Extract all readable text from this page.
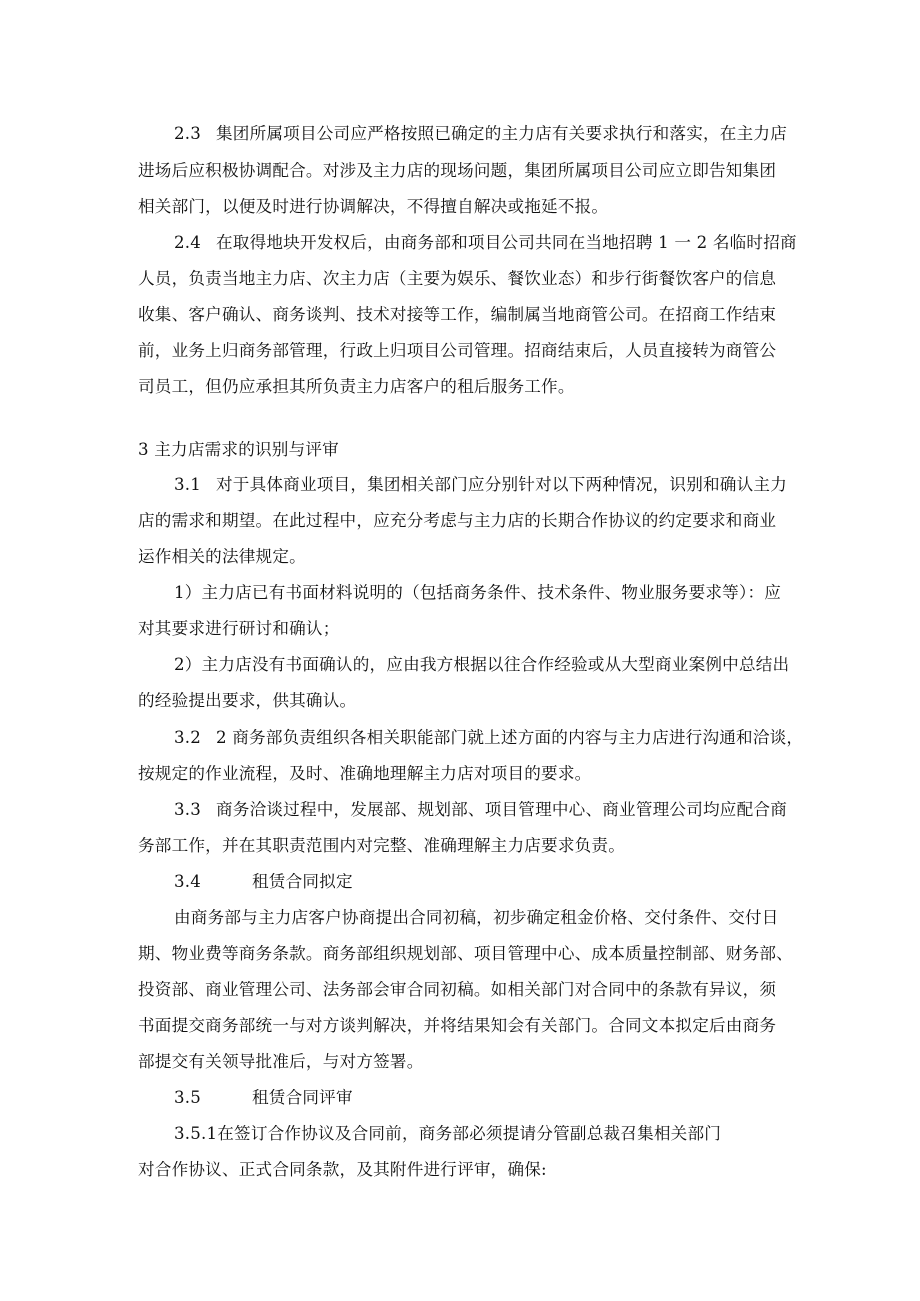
2.3 集团所属项目公司应严格按照已确定的主力店有关要求执行和落实，在主力店
进场后应积极协调配合。对涉及主力店的现场问题，集团所属项目公司应立即告知集团
相关部门，以便及时进行协调解决，不得擅自解决或拖延不报。
2.4 在取得地块开发权后，由商务部和项目公司共同在当地招聘 1 一 2 名临时招商
人员，负责当地主力店、次主力店（主要为娱乐、餐饮业态）和步行街餐饮客户的信息
收集、客户确认、商务谈判、技术对接等工作，编制属当地商管公司。在招商工作结束
前，业务上归商务部管理，行政上归项目公司管理。招商结束后，人员直接转为商管公
司员工，但仍应承担其所负责主力店客户的租后服务工作。
3 主力店需求的识别与评审
3.1 对于具体商业项目，集团相关部门应分别针对以下两种情况，识别和确认主力
店的需求和期望。在此过程中，应充分考虑与主力店的长期合作协议的约定要求和商业
运作相关的法律规定。
1）主力店已有书面材料说明的（包括商务条件、技术条件、物业服务要求等）：应
对其要求进行研讨和确认；
2）主力店没有书面确认的，应由我方根据以往合作经验或从大型商业案例中总结出
的经验提出要求，供其确认。
3.2 2 商务部负责组织各相关职能部门就上述方面的内容与主力店进行沟通和洽谈，
按规定的作业流程，及时、准确地理解主力店对项目的要求。
3.3 商务洽谈过程中，发展部、规划部、项目管理中心、商业管理公司均应配合商
务部工作，并在其职责范围内对完整、准确理解主力店要求负责。
3.4	租赁合同拟定
由商务部与主力店客户协商提出合同初稿，初步确定租金价格、交付条件、交付日
期、物业费等商务条款。商务部组织规划部、项目管理中心、成本质量控制部、财务部、
投资部、商业管理公司、法务部会审合同初稿。如相关部门对合同中的条款有异议，须
书面提交商务部统一与对方谈判解决，并将结果知会有关部门。合同文本拟定后由商务
部提交有关领导批准后，与对方签署。
3.5	租赁合同评审
3.5.1在签订合作协议及合同前，商务部必须提请分管副总裁召集相关部门
对合作协议、正式合同条款，及其附件进行评审，确保:
